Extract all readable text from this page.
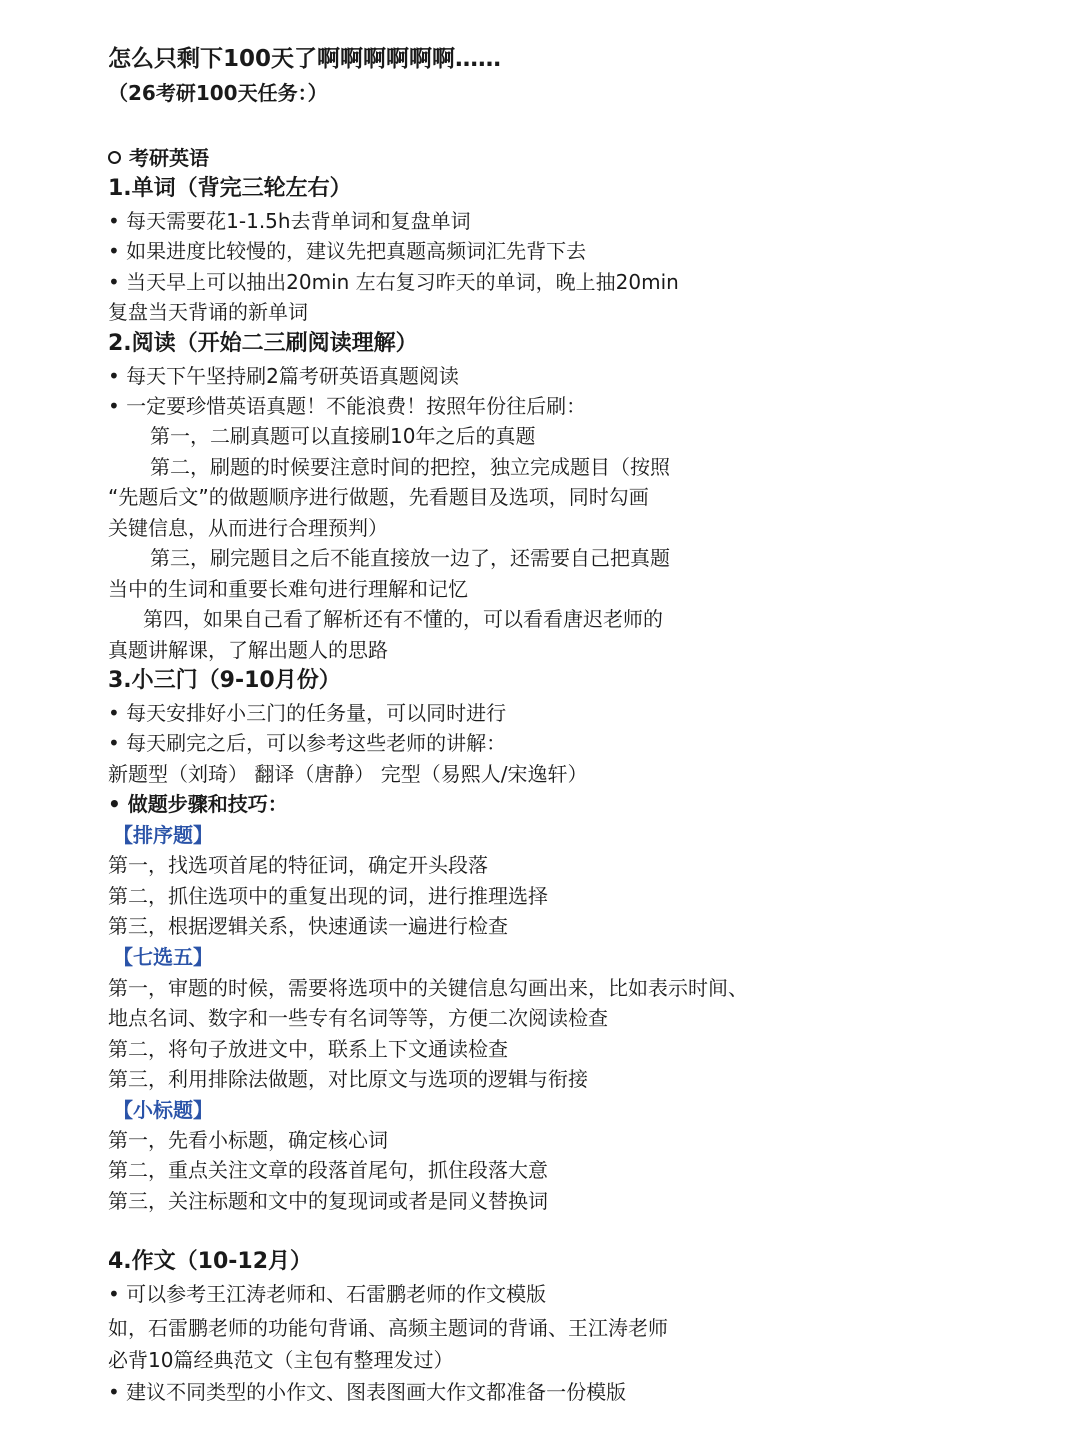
怎么只剩下100天了啊啊啊啊啊啊……
（26考研100天任务：）
考研英语
1.单词（背完三轮左右）
• 每天需要花1-1.5h去背单词和复盘单词
• 如果进度比较慢的，建议先把真题高频词汇先背下去
• 当天早上可以抽出20min 左右复习昨天的单词，晚上抽20min
复盘当天背诵的新单词
2.阅读（开始二三刷阅读理解）
• 每天下午坚持刷2篇考研英语真题阅读
• 一定要珍惜英语真题！不能浪费！按照年份往后刷：
第一，二刷真题可以直接刷10年之后的真题
第二，刷题的时候要注意时间的把控，独立完成题目（按照
“先题后文”的做题顺序进行做题，先看题目及选项，同时勾画
关键信息，从而进行合理预判）
第三，刷完题目之后不能直接放一边了，还需要自己把真题
当中的生词和重要长难句进行理解和记忆
第四，如果自己看了解析还有不懂的，可以看看唐迟老师的
真题讲解课，了解出题人的思路
3.小三门（9-10月份）
• 每天安排好小三门的任务量，可以同时进行
• 每天刷完之后，可以参考这些老师的讲解：
新题型（刘琦） 翻译（唐静） 完型（易熙人/宋逸轩）
• 做题步骤和技巧：
【排序题】
第一，找选项首尾的特征词，确定开头段落
第二，抓住选项中的重复出现的词，进行推理选择
第三，根据逻辑关系，快速通读一遍进行检查
【七选五】
第一，审题的时候，需要将选项中的关键信息勾画出来，比如表示时间、
地点名词、数字和一些专有名词等等，方便二次阅读检查
第二，将句子放进文中，联系上下文通读检查
第三，利用排除法做题，对比原文与选项的逻辑与衔接
【小标题】
第一，先看小标题，确定核心词
第二，重点关注文章的段落首尾句，抓住段落大意
第三，关注标题和文中的复现词或者是同义替换词
4.作文（10-12月）
• 可以参考王江涛老师和、石雷鹏老师的作文模版
如，石雷鹏老师的功能句背诵、高频主题词的背诵、王江涛老师
必背10篇经典范文（主包有整理发过）
• 建议不同类型的小作文、图表图画大作文都准备一份模版
